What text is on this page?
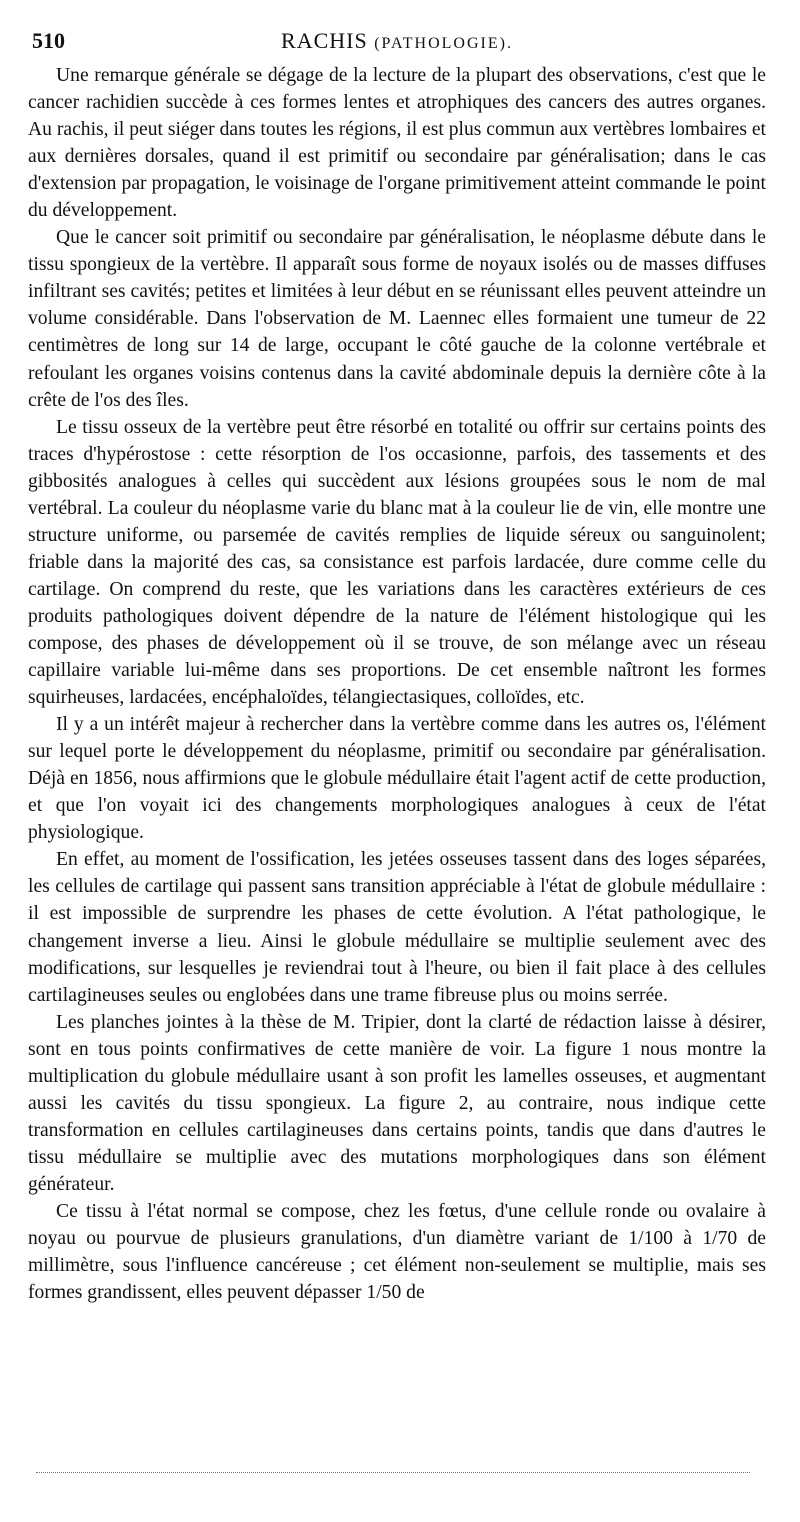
510	RACHIS (PATHOLOGIE).

Une remarque générale se dégage de la lecture de la plupart des observations, c'est que le cancer rachidien succède à ces formes lentes et atrophiques des cancers des autres organes. Au rachis, il peut siéger dans toutes les régions, il est plus commun aux vertèbres lombaires et aux dernières dorsales, quand il est primitif ou secondaire par généralisation; dans le cas d'extension par propagation, le voisinage de l'organe primitivement atteint commande le point du développement.

Que le cancer soit primitif ou secondaire par généralisation, le néoplasme débute dans le tissu spongieux de la vertèbre. Il apparaît sous forme de noyaux isolés ou de masses diffuses infiltrant ses cavités; petites et limitées à leur début en se réunissant elles peuvent atteindre un volume considérable. Dans l'observation de M. Laennec elles formaient une tumeur de 22 centimètres de long sur 14 de large, occupant le côté gauche de la colonne vertébrale et refoulant les organes voisins contenus dans la cavité abdominale depuis la dernière côte à la crête de l'os des îles.

Le tissu osseux de la vertèbre peut être résorbé en totalité ou offrir sur certains points des traces d'hypérostose : cette résorption de l'os occasionne, parfois, des tassements et des gibbosités analogues à celles qui succèdent aux lésions groupées sous le nom de mal vertébral. La couleur du néoplasme varie du blanc mat à la couleur lie de vin, elle montre une structure uniforme, ou parsemée de cavités remplies de liquide séreux ou sanguinolent; friable dans la majorité des cas, sa consistance est parfois lardacée, dure comme celle du cartilage. On comprend du reste, que les variations dans les caractères extérieurs de ces produits pathologiques doivent dépendre de la nature de l'élément histologique qui les compose, des phases de développement où il se trouve, de son mélange avec un réseau capillaire variable lui-même dans ses proportions. De cet ensemble naîtront les formes squirheuses, lardacées, encéphaloïdes, télangiectasiques, colloïdes, etc.

Il y a un intérêt majeur à rechercher dans la vertèbre comme dans les autres os, l'élément sur lequel porte le développement du néoplasme, primitif ou secondaire par généralisation. Déjà en 1856, nous affirmions que le globule médullaire était l'agent actif de cette production, et que l'on voyait ici des changements morphologiques analogues à ceux de l'état physiologique.

En effet, au moment de l'ossification, les jetées osseuses tassent dans des loges séparées, les cellules de cartilage qui passent sans transition appréciable à l'état de globule médullaire : il est impossible de surprendre les phases de cette évolution. A l'état pathologique, le changement inverse a lieu. Ainsi le globule médullaire se multiplie seulement avec des modifications, sur lesquelles je reviendrai tout à l'heure, ou bien il fait place à des cellules cartilagineuses seules ou englobées dans une trame fibreuse plus ou moins serrée.

Les planches jointes à la thèse de M. Tripier, dont la clarté de rédaction laisse à désirer, sont en tous points confirmatives de cette manière de voir. La figure 1 nous montre la multiplication du globule médullaire usant à son profit les lamelles osseuses, et augmentant aussi les cavités du tissu spongieux. La figure 2, au contraire, nous indique cette transformation en cellules cartilagineuses dans certains points, tandis que dans d'autres le tissu médullaire se multiplie avec des mutations morphologiques dans son élément générateur.

Ce tissu à l'état normal se compose, chez les fœtus, d'une cellule ronde ou ovalaire à noyau ou pourvue de plusieurs granulations, d'un diamètre variant de 1/100 à 1/70 de millimètre, sous l'influence cancéreuse ; cet élément non-seulement se multiplie, mais ses formes grandissent, elles peuvent dépasser 1/50 de
